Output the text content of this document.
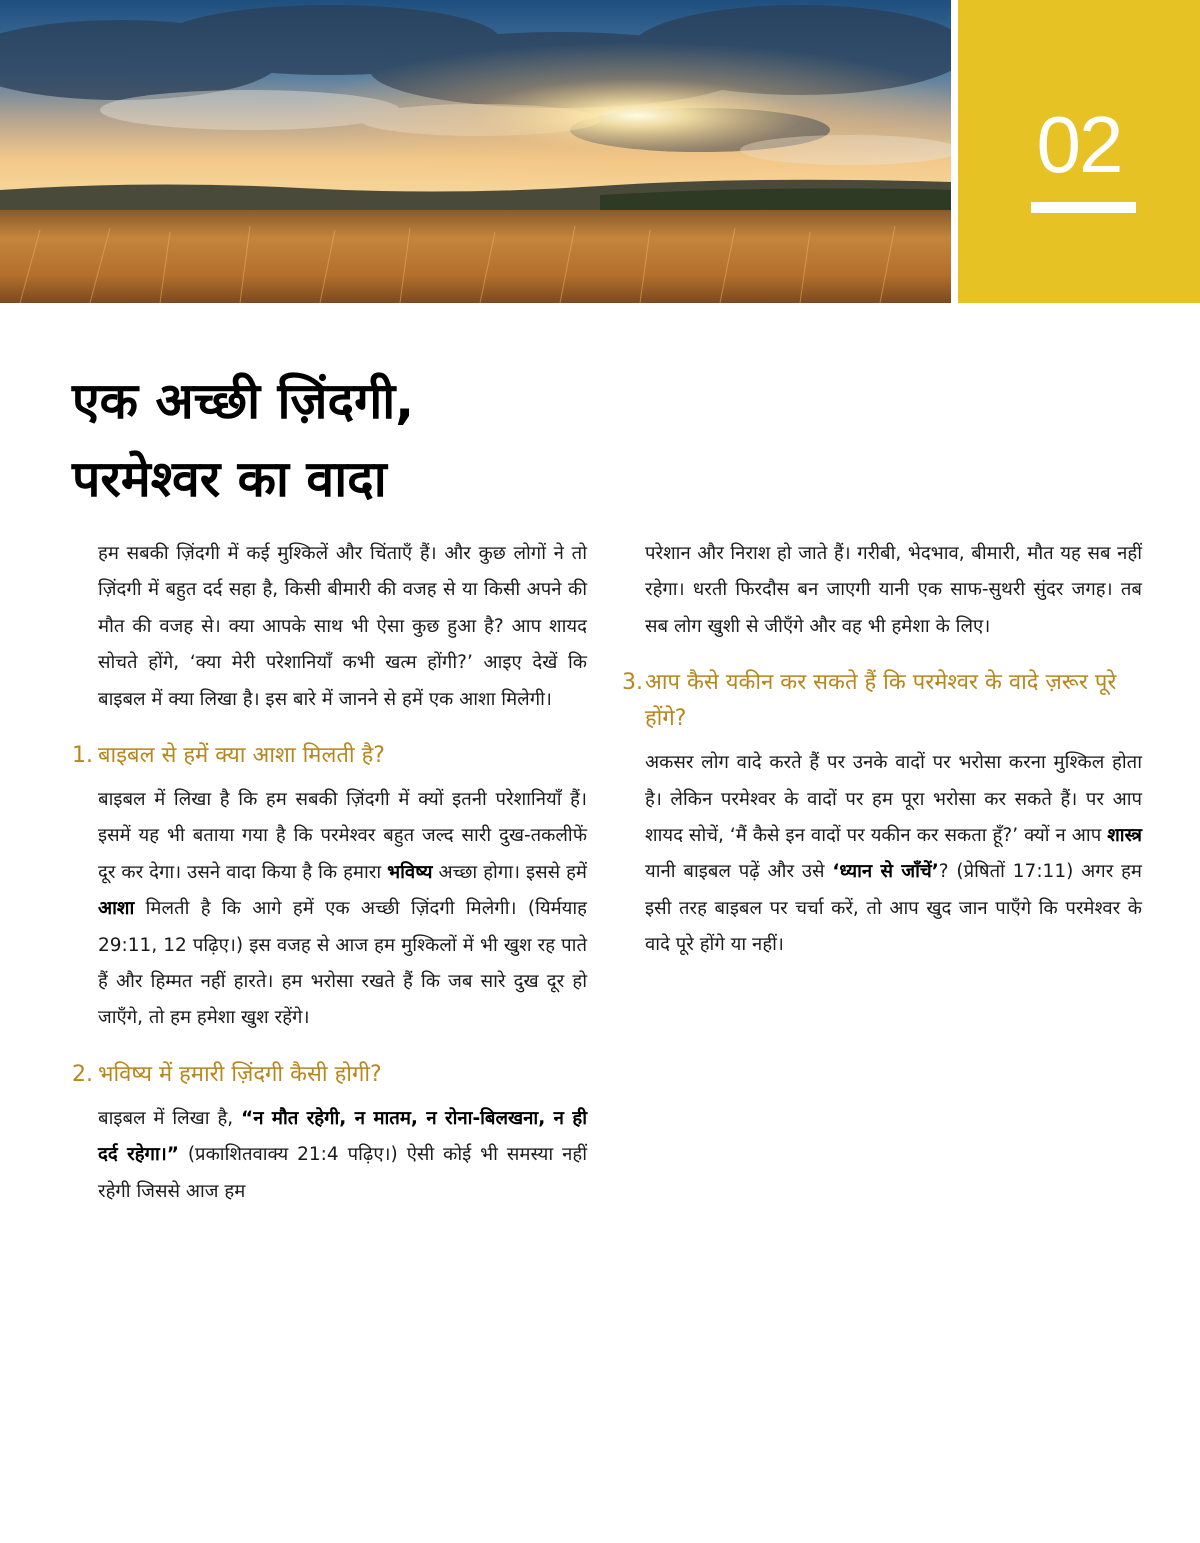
02
एक अच्छी ज़िंदगी,
परमेश्वर का वादा

हम सबकी ज़िंदगी में कई मुश्किलें और चिंताएँ हैं। और कुछ लोगों ने तो ज़िंदगी में बहुत दर्द सहा है, किसी बीमारी की वजह से या किसी अपने की मौत की वजह से। क्या आपके साथ भी ऐसा कुछ हुआ है? आप शायद सोचते होंगे, ‘क्या मेरी परेशानियाँ कभी खत्म होंगी?’ आइए देखें कि बाइबल में क्या लिखा है। इस बारे में जानने से हमें एक आशा मिलेगी।

1. बाइबल से हमें क्या आशा मिलती है?

बाइबल में लिखा है कि हम सबकी ज़िंदगी में क्यों इतनी परेशानियाँ हैं। इसमें यह भी बताया गया है कि परमेश्वर बहुत जल्द सारी दुख-तकलीफें दूर कर देगा। उसने वादा किया है कि हमारा भविष्य अच्छा होगा। इससे हमें आशा मिलती है कि आगे हमें एक अच्छी ज़िंदगी मिलेगी। (यिर्मयाह 29:11, 12 पढ़िए।) इस वजह से आज हम मुश्किलों में भी खुश रह पाते हैं और हिम्मत नहीं हारते। हम भरोसा रखते हैं कि जब सारे दुख दूर हो जाएँगे, तो हम हमेशा खुश रहेंगे।

2. भविष्य में हमारी ज़िंदगी कैसी होगी?

बाइबल में लिखा है, “न मौत रहेगी, न मातम, न रोना-बिलखना, न ही दर्द रहेगा।” (प्रकाशितवाक्य 21:4 पढ़िए।) ऐसी कोई भी समस्या नहीं रहेगी जिससे आज हम

परेशान और निराश हो जाते हैं। गरीबी, भेदभाव, बीमारी, मौत यह सब नहीं रहेगा। धरती फिरदौस बन जाएगी यानी एक साफ-सुथरी सुंदर जगह। तब सब लोग खुशी से जीएँगे और वह भी हमेशा के लिए।

3. आप कैसे यकीन कर सकते हैं कि परमेश्वर के वादे ज़रूर पूरे होंगे?

अकसर लोग वादे करते हैं पर उनके वादों पर भरोसा करना मुश्किल होता है। लेकिन परमेश्वर के वादों पर हम पूरा भरोसा कर सकते हैं। पर आप शायद सोचें, ‘मैं कैसे इन वादों पर यकीन कर सकता हूँ?’ क्यों न आप शास्त्र यानी बाइबल पढ़ें और उसे ‘ध्यान से जाँचें’? (प्रेषितों 17:11) अगर हम इसी तरह बाइबल पर चर्चा करें, तो आप खुद जान पाएँगे कि परमेश्वर के वादे पूरे होंगे या नहीं।
